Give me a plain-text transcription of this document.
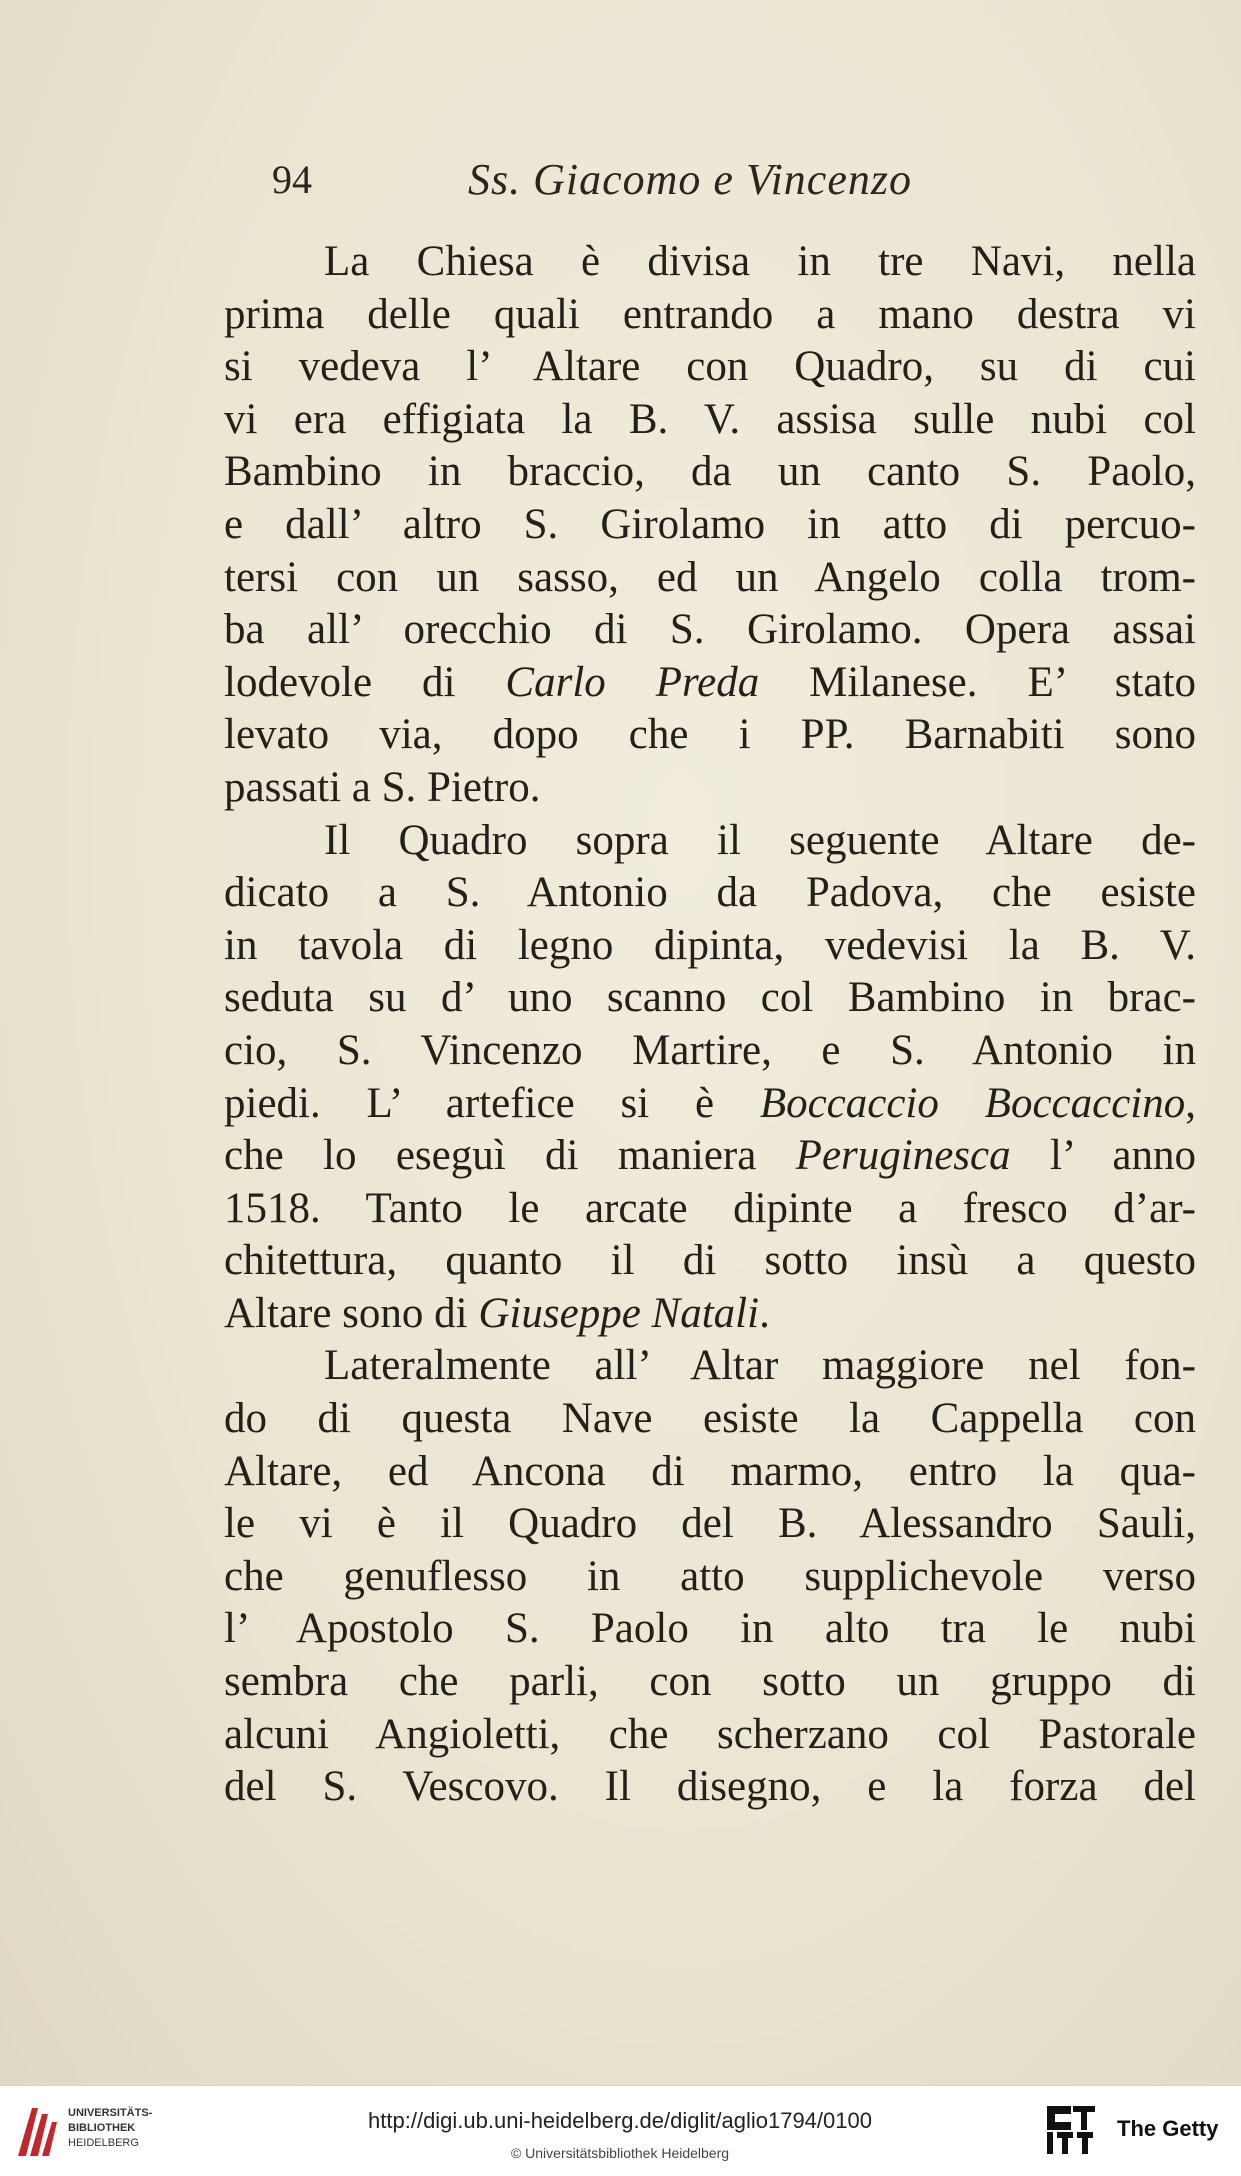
94	Ss. Giacomo e Vincenzo
La Chiesa è divisa in tre Navi, nella
prima delle quali entrando a mano destra vi
si vedeva l’ Altare con Quadro, su di cui
vi era effigiata la B. V. assisa sulle nubi col
Bambino in braccio, da un canto S. Paolo,
e dall’ altro S. Girolamo in atto di percuo-
tersi con un sasso, ed un Angelo colla trom-
ba all’ orecchio di S. Girolamo. Opera assai
lodevole di Carlo Preda Milanese. E’ stato
levato via, dopo che i PP. Barnabiti sono
passati a S. Pietro.
Il Quadro sopra il seguente Altare de-
dicato a S. Antonio da Padova, che esiste
in tavola di legno dipinta, vedevisi la B. V.
seduta su d’ uno scanno col Bambino in brac-
cio, S. Vincenzo Martire, e S. Antonio in
piedi. L’ artefice si è Boccaccio Boccaccino,
che lo eseguì di maniera Peruginesca l’ anno
1518. Tanto le arcate dipinte a fresco d’ar-
chitettura, quanto il di sotto insù a questo
Altare sono di Giuseppe Natali.
Lateralmente all’ Altar maggiore nel fon-
do di questa Nave esiste la Cappella con
Altare, ed Ancona di marmo, entro la qua-
le vi è il Quadro del B. Alessandro Sauli,
che genuflesso in atto supplichevole verso
l’ Apostolo S. Paolo in alto tra le nubi
sembra che parli, con sotto un gruppo di
alcuni Angioletti, che scherzano col Pastorale
del S. Vescovo. Il disegno, e la forza del
UNIVERSITÄTS-
BIBLIOTHEK
HEIDELBERG
http://digi.ub.uni-heidelberg.de/diglit/aglio1794/0100
© Universitätsbibliothek Heidelberg
The Getty
